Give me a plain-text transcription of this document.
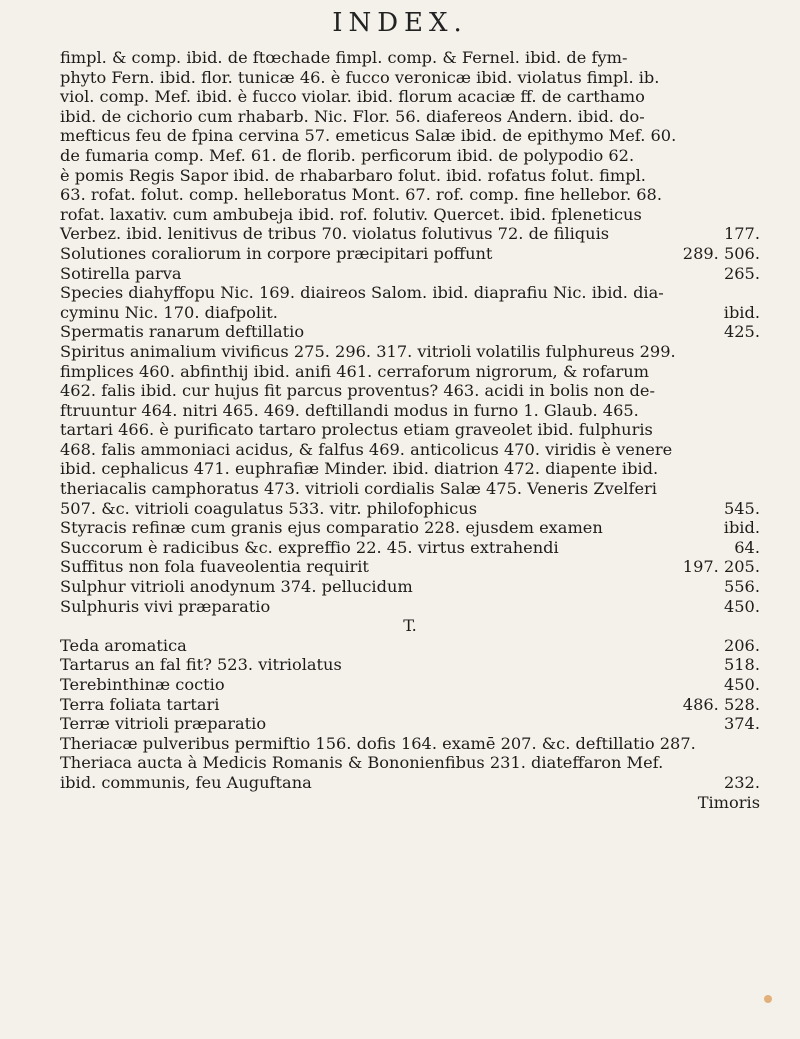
INDEX.
fimpl. & comp. ibid. de ftœchade fimpl. comp. & Fernel. ibid. de fym-
phyto Fern. ibid. flor. tunicæ 46. è fucco veronicæ ibid. violatus fimpl. ib.
viol. comp. Mef. ibid. è fucco violar. ibid. florum acaciæ ff. de carthamo
ibid. de cichorio cum rhabarb. Nic. Flor. 56. diafereos Andern. ibid. do-
mefticus feu de fpina cervina 57. emeticus Salæ ibid. de epithymo Mef. 60.
de fumaria comp. Mef. 61. de florib. perficorum ibid. de polypodio 62.
è pomis Regis Sapor ibid. de rhabarbaro folut. ibid. rofatus folut. fimpl.
63. rofat. folut. comp. helleboratus Mont. 67. rof. comp. fine hellebor. 68.
rofat. laxativ. cum ambubeja ibid. rof. folutiv. Quercet. ibid. fpleneticus
Verbez. ibid. lenitivus de tribus 70. violatus folutivus 72. de filiquis	177.
Solutiones coraliorum in corpore præcipitari poffunt	289. 506.
Sotirella parva	265.
Species diahyffopu Nic. 169. diaireos Salom. ibid. diaprafiu Nic. ibid. dia-
cyminu Nic. 170. diafpolit.	ibid.
Spermatis ranarum deftillatio	425.
Spiritus animalium vivificus 275. 296. 317. vitrioli volatilis fulphureus 299.
fimplices 460. abfinthij ibid. anifi 461. cerraforum nigrorum, & rofarum
462. falis ibid. cur hujus fit parcus proventus? 463. acidi in bolis non de-
ftruuntur 464. nitri 465. 469. deftillandi modus in furno 1. Glaub. 465.
tartari 466. è purificato tartaro prolectus etiam graveolet ibid. fulphuris
468. falis ammoniaci acidus, & falfus 469. anticolicus 470. viridis è venere
ibid. cephalicus 471. euphrafiæ Minder. ibid. diatrion 472. diapente ibid.
theriacalis camphoratus 473. vitrioli cordialis Salæ 475. Veneris Zvelferi
507. &c. vitrioli coagulatus 533. vitr. philofophicus	545.
Styracis refinæ cum granis ejus comparatio 228. ejusdem examen	ibid.
Succorum è radicibus &c. expreffio 22. 45. virtus extrahendi	64.
Suffitus non fola fuaveolentia requirit	197. 205.
Sulphur vitrioli anodynum 374. pellucidum	556.
Sulphuris vivi præparatio	450.
T.
Teda aromatica	206.
Tartarus an fal fit? 523. vitriolatus	518.
Terebinthinæ coctio	450.
Terra foliata tartari	486. 528.
Terræ vitrioli præparatio	374.
Theriacæ pulveribus permiftio 156. dofis 164. examē 207. &c. deftillatio 287.
Theriaca aucta à Medicis Romanis & Bononienfibus 231. diateffaron Mef.
ibid. communis, feu Auguftana	232.
Timoris
